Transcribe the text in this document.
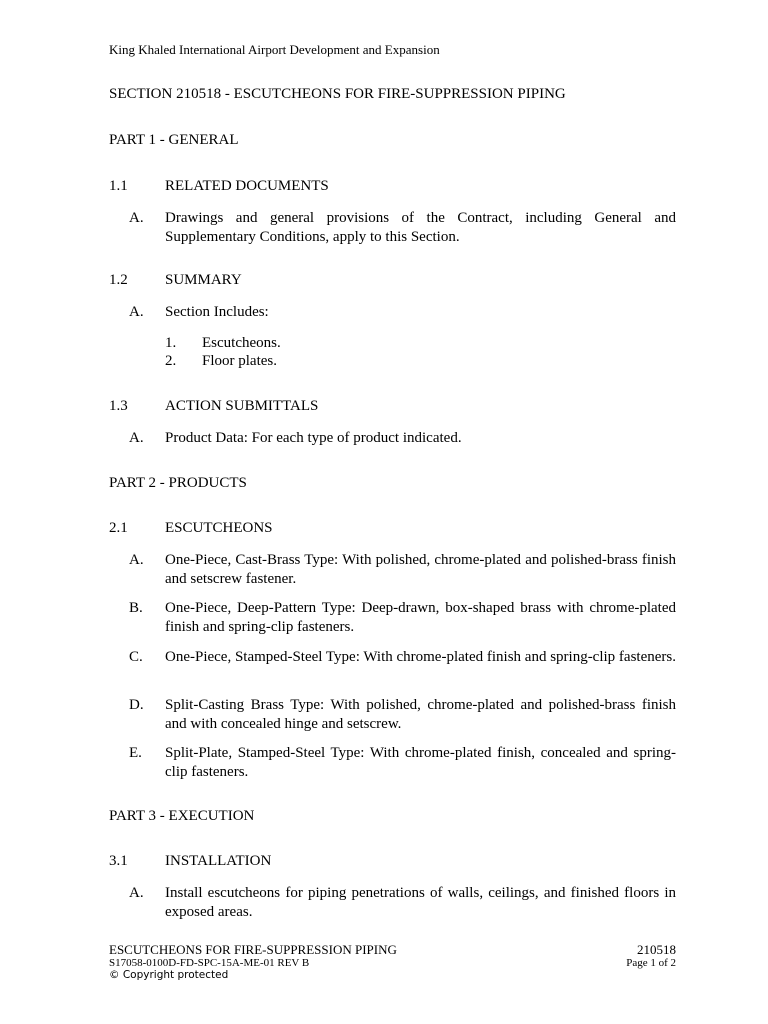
King Khaled International Airport Development and Expansion
SECTION 210518 - ESCUTCHEONS FOR FIRE-SUPPRESSION PIPING
PART 1 - GENERAL
1.1 RELATED DOCUMENTS
A. Drawings and general provisions of the Contract, including General and Supplementary Conditions, apply to this Section.
1.2 SUMMARY
A. Section Includes:
1. Escutcheons.
2. Floor plates.
1.3 ACTION SUBMITTALS
A. Product Data: For each type of product indicated.
PART 2 - PRODUCTS
2.1 ESCUTCHEONS
A. One-Piece, Cast-Brass Type: With polished, chrome-plated and polished-brass finish and setscrew fastener.
B. One-Piece, Deep-Pattern Type: Deep-drawn, box-shaped brass with chrome-plated finish and spring-clip fasteners.
C. One-Piece, Stamped-Steel Type: With chrome-plated finish and spring-clip fasteners.
D. Split-Casting Brass Type: With polished, chrome-plated and polished-brass finish and with concealed hinge and setscrew.
E. Split-Plate, Stamped-Steel Type: With chrome-plated finish, concealed and spring-clip fasteners.
PART 3 - EXECUTION
3.1 INSTALLATION
A. Install escutcheons for piping penetrations of walls, ceilings, and finished floors in exposed areas.
ESCUTCHEONS FOR FIRE-SUPPRESSION PIPING
S17058-0100D-FD-SPC-15A-ME-01 REV B
© Copyright protected
210518
Page 1 of 2
